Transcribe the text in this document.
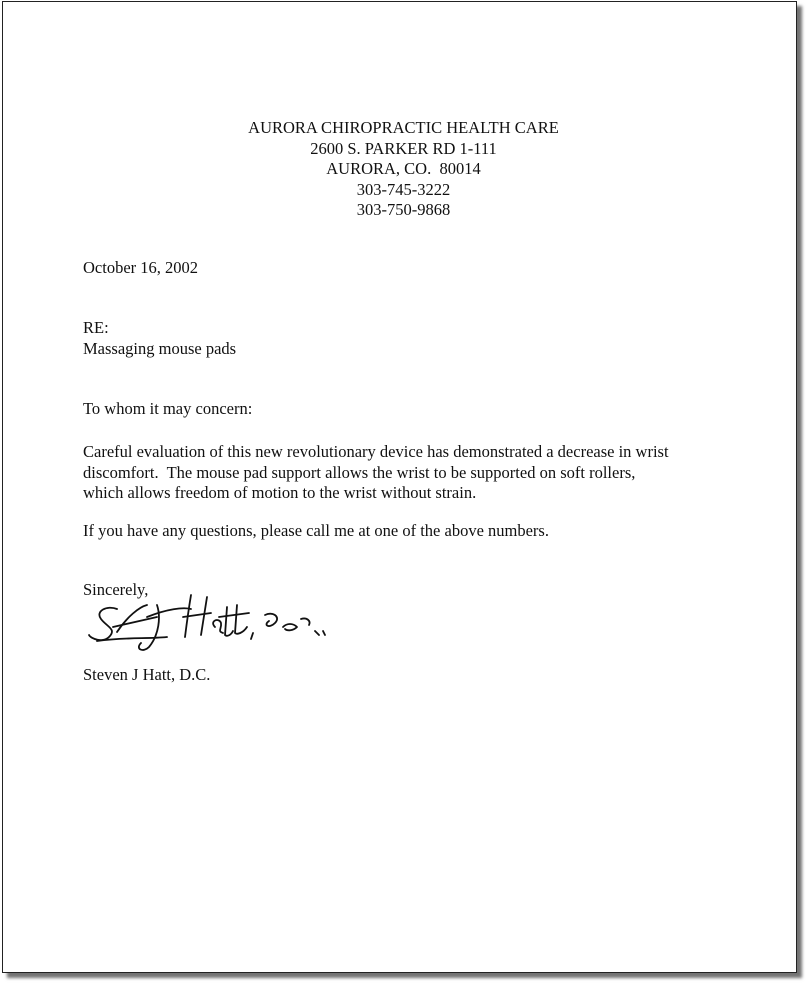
AURORA CHIROPRACTIC HEALTH CARE
2600 S. PARKER RD 1-111
AURORA, CO.  80014
303-745-3222
303-750-9868
October 16, 2002
RE:
Massaging mouse pads
To whom it may concern:
Careful evaluation of this new revolutionary device has demonstrated a decrease in wrist
discomfort.  The mouse pad support allows the wrist to be supported on soft rollers,
which allows freedom of motion to the wrist without strain.
If you have any questions, please call me at one of the above numbers.
Sincerely,
Steven J Hatt, D.C.
